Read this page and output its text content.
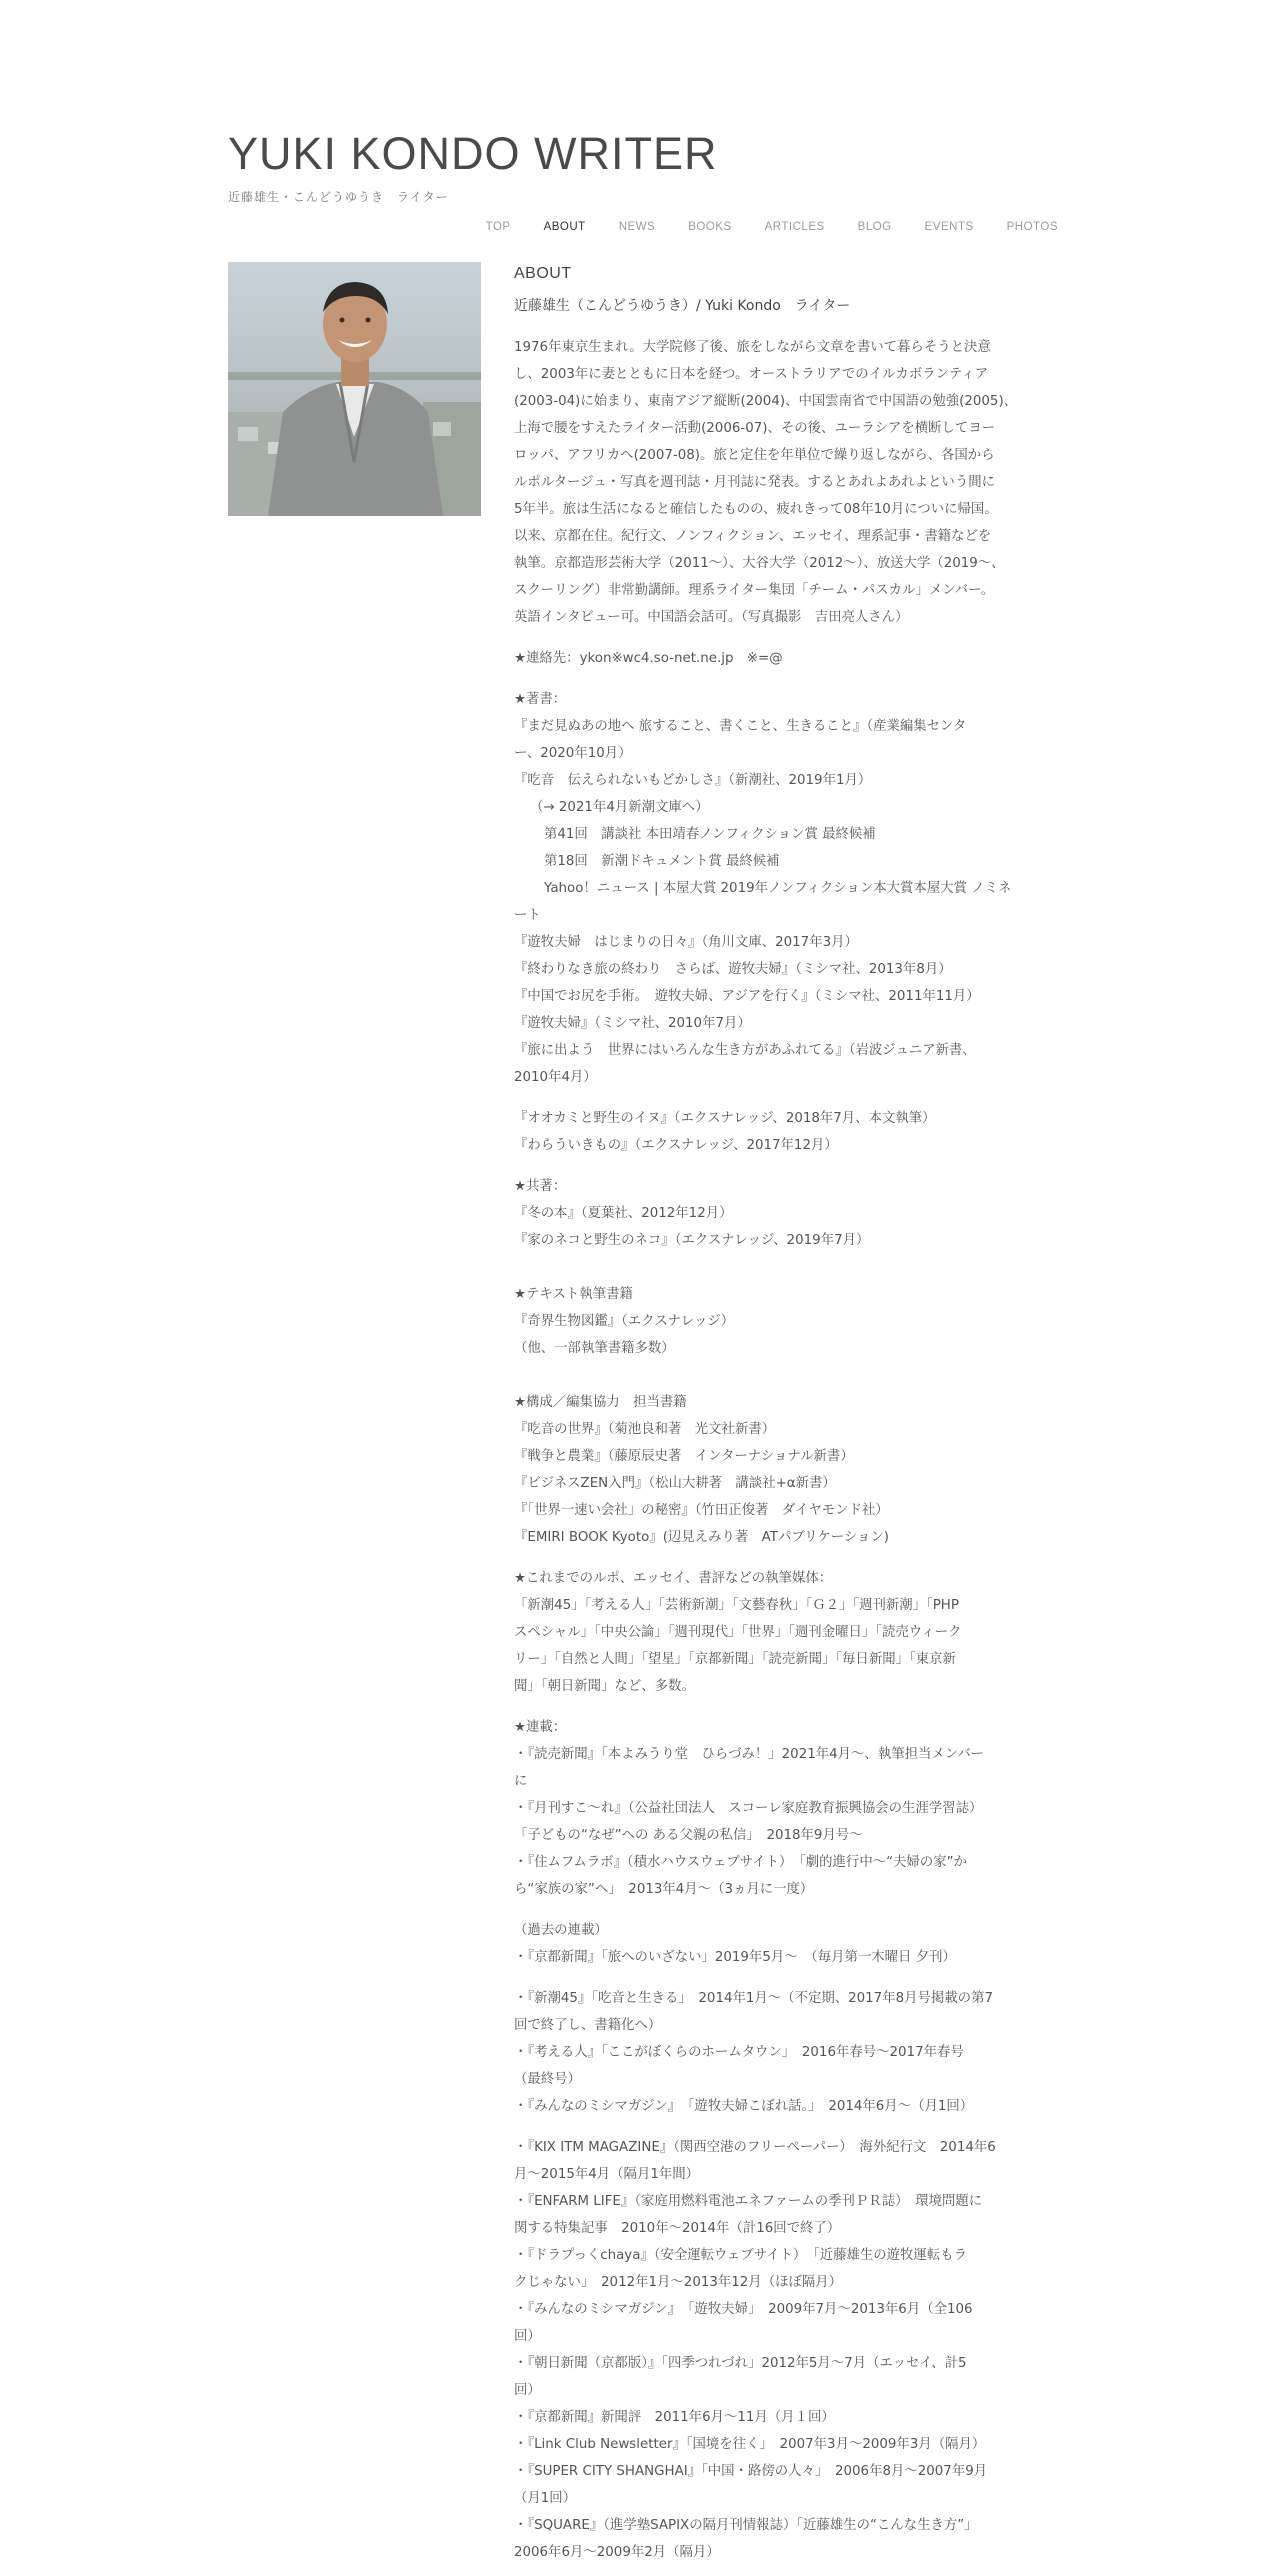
YUKI KONDO WRITER
近藤雄生・こんどうゆうき　ライター
TOP	ABOUT	NEWS	BOOKS	ARTICLES	BLOG	EVENTS	PHOTOS

ABOUT

近藤雄生（こんどうゆうき）/ Yuki Kondo　ライター

1976年東京生まれ。大学院修了後、旅をしながら文章を書いて暮らそうと決意

し、2003年に妻とともに日本を経つ。オーストラリアでのイルカボランティア

(2003-04)に始まり、東南アジア縦断(2004)、中国雲南省で中国語の勉強(2005)、

上海で腰をすえたライター活動(2006-07)、その後、ユーラシアを横断してヨー

ロッパ、アフリカへ(2007-08)。旅と定住を年単位で繰り返しながら、各国から

ルポルタージュ・写真を週刊誌・月刊誌に発表。するとあれよあれよという間に

5年半。旅は生活になると確信したものの、疲れきって08年10月についに帰国。

以来、京都在住。紀行文、ノンフィクション、エッセイ、理系記事・書籍などを

執筆。京都造形芸術大学（2011～）、大谷大学（2012～）、放送大学（2019～、

スクーリング）非常勤講師。理系ライター集団「チーム・パスカル」メンバー。

英語インタビュー可。中国語会話可。（写真撮影　吉田亮人さん）

★連絡先：ykon※wc4.so-net.ne.jp　※=@

★著書：

『まだ見ぬあの地へ 旅すること、書くこと、生きること』（産業編集センタ

ー、2020年10月）

『吃音　伝えられないもどかしさ』（新潮社、2019年1月）

（→ 2021年4月新潮文庫へ）

第41回　講談社 本田靖春ノンフィクション賞 最終候補

第18回　新潮ドキュメント賞 最終候補

Yahoo！ニュース | 本屋大賞 2019年ノンフィクション本大賞本屋大賞 ノミネ

ート

『遊牧夫婦　はじまりの日々』（角川文庫、2017年3月）

『終わりなき旅の終わり　さらば、遊牧夫婦』（ミシマ社、2013年8月）

『中国でお尻を手術。　遊牧夫婦、アジアを行く』（ミシマ社、2011年11月）

『遊牧夫婦』（ミシマ社、2010年7月）

『旅に出よう　世界にはいろんな生き方があふれてる』（岩波ジュニア新書、

2010年4月）

『オオカミと野生のイヌ』（エクスナレッジ、2018年7月、本文執筆）

『わらういきもの』（エクスナレッジ、2017年12月）

★共著：

『冬の本』（夏葉社、2012年12月）

『家のネコと野生のネコ』（エクスナレッジ、2019年7月）

★テキスト執筆書籍

『奇界生物図鑑』（エクスナレッジ）

（他、一部執筆書籍多数）

★構成／編集協力　担当書籍

『吃音の世界』（菊池良和著　光文社新書）

『戦争と農業』（藤原辰史著　インターナショナル新書）

『ビジネスZEN入門』（松山大耕著　講談社+α新書）

『「世界一速い会社」の秘密』（竹田正俊著　ダイヤモンド社）

『EMIRI BOOK Kyoto』(辺見えみり著　ATパブリケーション)

★これまでのルポ、エッセイ、書評などの執筆媒体：

「新潮45」「考える人」「芸術新潮」「文藝春秋」「Ｇ２」「週刊新潮」「PHP

スペシャル」「中央公論」「週刊現代」「世界」「週刊金曜日」「読売ウィーク

リー」「自然と人間」「望星」「京都新聞」「読売新聞」「毎日新聞」「東京新

聞」「朝日新聞」など、多数。

★連載：

・『読売新聞』「本よみうり堂　ひらづみ！」2021年4月～、執筆担当メンバー

に

・『月刊すこ～れ』（公益社団法人　スコーレ家庭教育振興協会の生涯学習誌）

「子どもの“なぜ”への ある父親の私信」　2018年9月号～

・『住ムフムラボ』（積水ハウスウェブサイト）　「劇的進行中～“夫婦の家”か

ら“家族の家”へ」　2013年4月～（3ヵ月に一度）

（過去の連載）

・『京都新聞』「旅へのいざない」2019年5月～　（毎月第一木曜日 夕刊）

・『新潮45』「吃音と生きる」　2014年1月～（不定期、2017年8月号掲載の第7

回で終了し、書籍化へ）

・『考える人』「ここがぼくらのホームタウン」　2016年春号～2017年春号

（最終号）

・『みんなのミシマガジン』　「遊牧夫婦こぼれ話。」　2014年6月～（月1回）

・『KIX ITM MAGAZINE』（関西空港のフリーペーパー）　海外紀行文　2014年6

月～2015年4月（隔月1年間）

・『ENFARM LIFE』（家庭用燃料電池エネファームの季刊ＰＲ誌）　環境問題に

関する特集記事　2010年～2014年（計16回で終了）

・『ドラプっくchaya』（安全運転ウェブサイト）　「近藤雄生の遊牧運転もラ

クじゃない」　2012年1月～2013年12月（ほぼ隔月）

・『みんなのミシマガジン』　「遊牧夫婦」　2009年7月～2013年6月（全106

回）

・『朝日新聞（京都版）』「四季つれづれ」2012年5月～7月（エッセイ、計5

回）

・『京都新聞』新聞評　2011年6月～11月（月１回）

・『Link Club Newsletter』「国境を往く」　2007年3月～2009年3月（隔月）

・『SUPER CITY SHANGHAI』「中国・路傍の人々」　2006年8月～2007年9月

（月1回）

・『SQUARE』（進学塾SAPIXの隔月刊情報誌）「近藤雄生の“こんな生き方”」

2006年6月～2009年2月（隔月）
